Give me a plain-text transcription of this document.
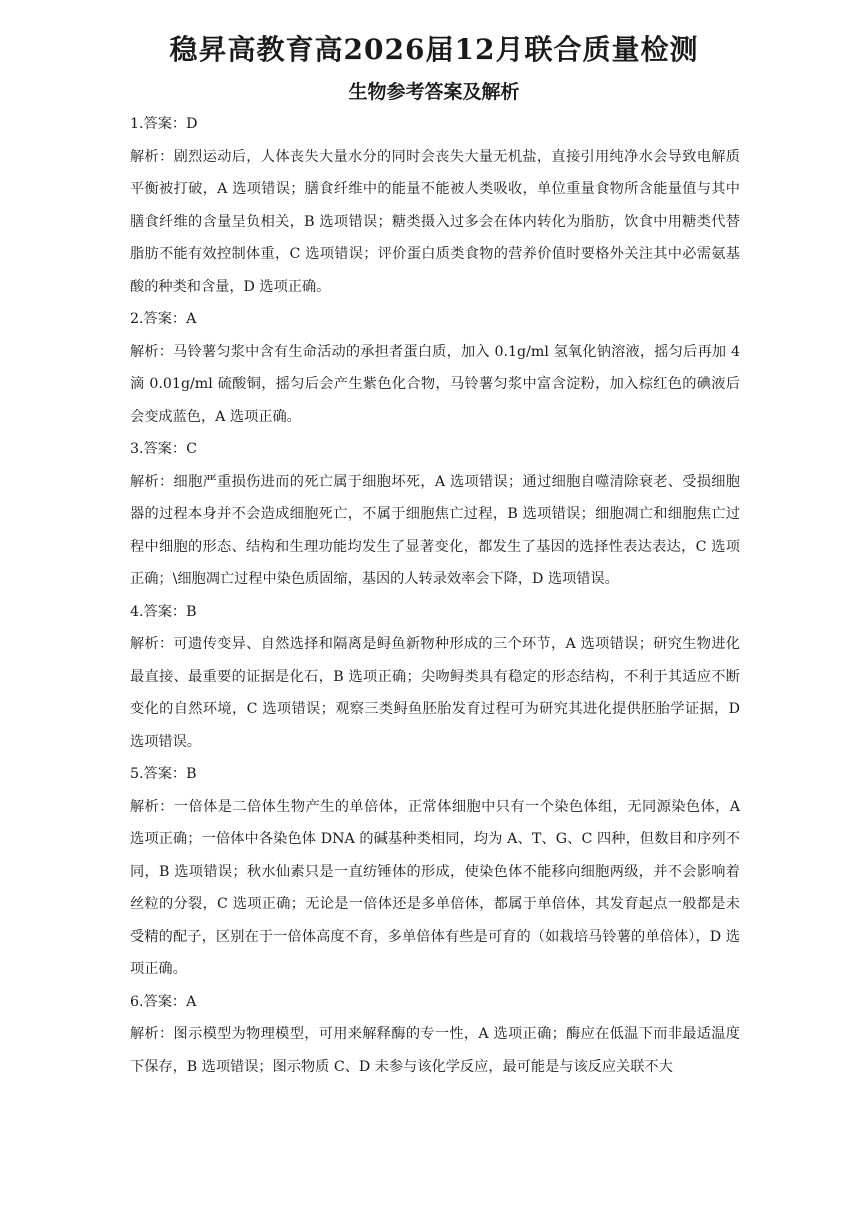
稳昇高教育高2026届12月联合质量检测
生物参考答案及解析

1.答案：D

解析：剧烈运动后，人体丧失大量水分的同时会丧失大量无机盐，直接引用纯净水会导致电解质平衡被打破，A 选项错误；膳食纤维中的能量不能被人类吸收，单位重量食物所含能量值与其中膳食纤维的含量呈负相关，B 选项错误；糖类摄入过多会在体内转化为脂肪，饮食中用糖类代替脂肪不能有效控制体重，C 选项错误；评价蛋白质类食物的营养价值时要格外关注其中必需氨基酸的种类和含量，D 选项正确。

2.答案：A

解析：马铃薯匀浆中含有生命活动的承担者蛋白质，加入 0.1g/ml 氢氧化钠溶液，摇匀后再加 4 滴 0.01g/ml 硫酸铜，摇匀后会产生紫色化合物，马铃薯匀浆中富含淀粉，加入棕红色的碘液后会变成蓝色，A 选项正确。

3.答案：C

解析：细胞严重损伤进而的死亡属于细胞坏死，A 选项错误；通过细胞自噬清除衰老、受损细胞器的过程本身并不会造成细胞死亡，不属于细胞焦亡过程，B 选项错误；细胞凋亡和细胞焦亡过程中细胞的形态、结构和生理功能均发生了显著变化，都发生了基因的选择性表达表达，C 选项正确；\细胞凋亡过程中染色质固缩，基因的人转录效率会下降，D 选项错误。

4.答案：B

解析：可遗传变异、自然选择和隔离是鲟鱼新物种形成的三个环节，A 选项错误；研究生物进化最直接、最重要的证据是化石，B 选项正确；尖吻鲟类具有稳定的形态结构，不利于其适应不断变化的自然环境，C 选项错误；观察三类鲟鱼胚胎发育过程可为研究其进化提供胚胎学证据，D 选项错误。

5.答案：B

解析：一倍体是二倍体生物产生的单倍体，正常体细胞中只有一个染色体组，无同源染色体，A 选项正确；一倍体中各染色体 DNA 的碱基种类相同，均为 A、T、G、C 四种，但数目和序列不同，B 选项错误；秋水仙素只是一直纺锤体的形成，使染色体不能移向细胞两级，并不会影响着丝粒的分裂，C 选项正确；无论是一倍体还是多单倍体，都属于单倍体，其发育起点一般都是未受精的配子，区别在于一倍体高度不育，多单倍体有些是可育的（如栽培马铃薯的单倍体），D 选项正确。

6.答案：A

解析：图示模型为物理模型，可用来解释酶的专一性，A 选项正确；酶应在低温下而非最适温度下保存，B 选项错误；图示物质 C、D 未参与该化学反应，最可能是与该反应关联不大
